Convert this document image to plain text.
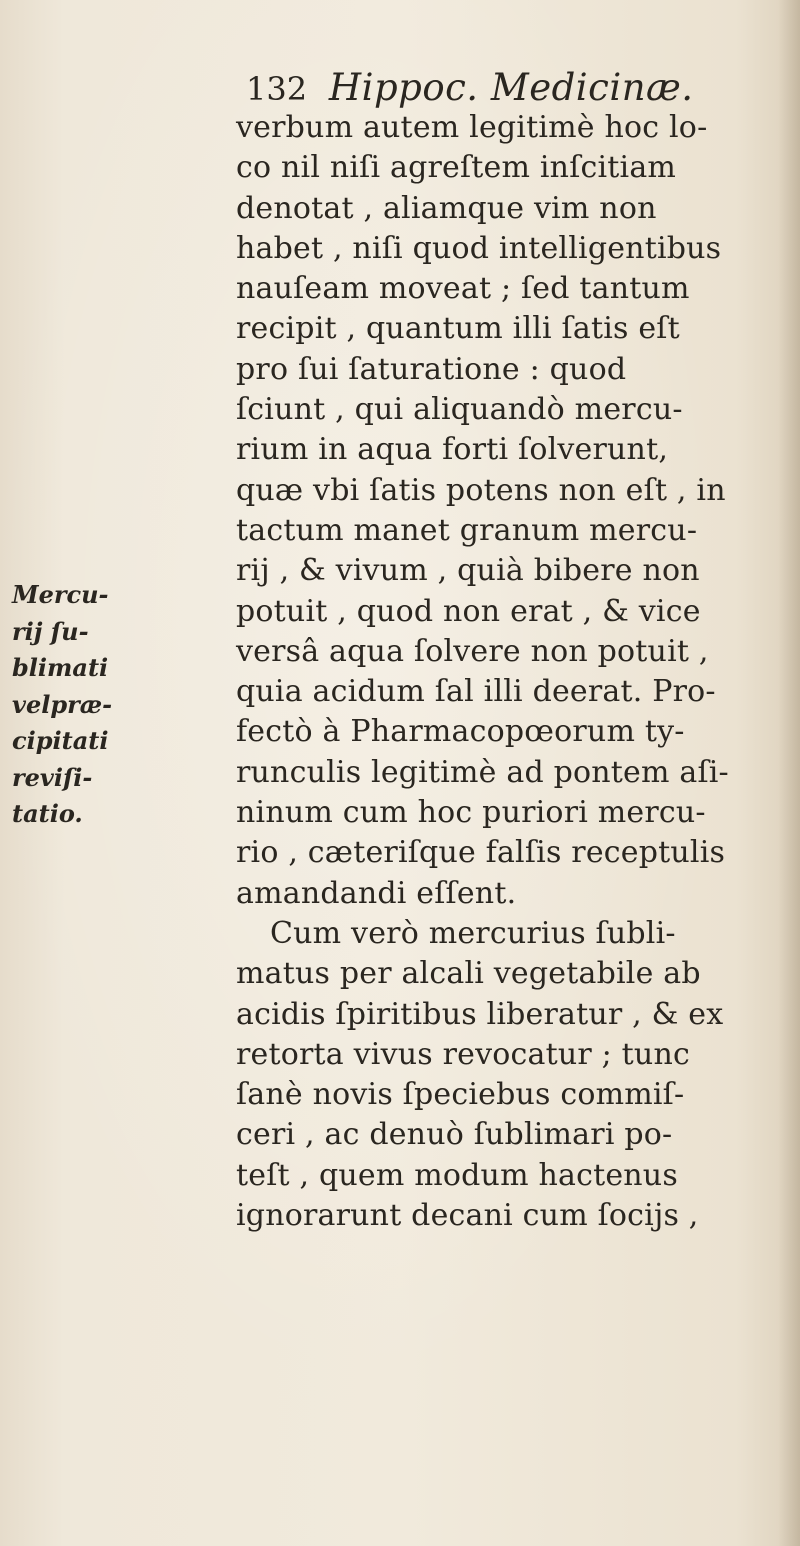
132 Hippoc. Medicinæ.
verbum autem legitimè hoc lo-
co nil niſi agreſtem inſcitiam
denotat , aliamque vim non
habet , niſi quod intelligentibus
nauſeam moveat ; ſed tantum
recipit , quantum illi ſatis eſt
pro ſui ſaturatione : quod
ſciunt , qui aliquandò mercu-
rium in aqua forti ſolverunt,
quæ vbi ſatis potens non eſt , in
tactum manet granum mercu-
rij , & vivum , quià bibere non
potuit , quod non erat , & vice
versâ aqua ſolvere non potuit ,
quia acidum ſal illi deerat. Pro-
fectò à Pharmacopœorum ty-
runculis legitimè ad pontem aſi-
ninum cum hoc puriori mercu-
rio , cæteriſque falſis receptulis
amandandi eſſent.
Cum verò mercurius ſubli-
matus per alcali vegetabile ab
acidis ſpiritibus liberatur , & ex
retorta vivus revocatur ; tunc
ſanè novis ſpeciebus commiſ-
ceri , ac denuò ſublimari po-
teſt , quem modum hactenus
ignorarunt decani cum ſocijs ,
Mercu-
rij ſu-
blimati
velpræ-
cipitati
reviſi-
tatio.
